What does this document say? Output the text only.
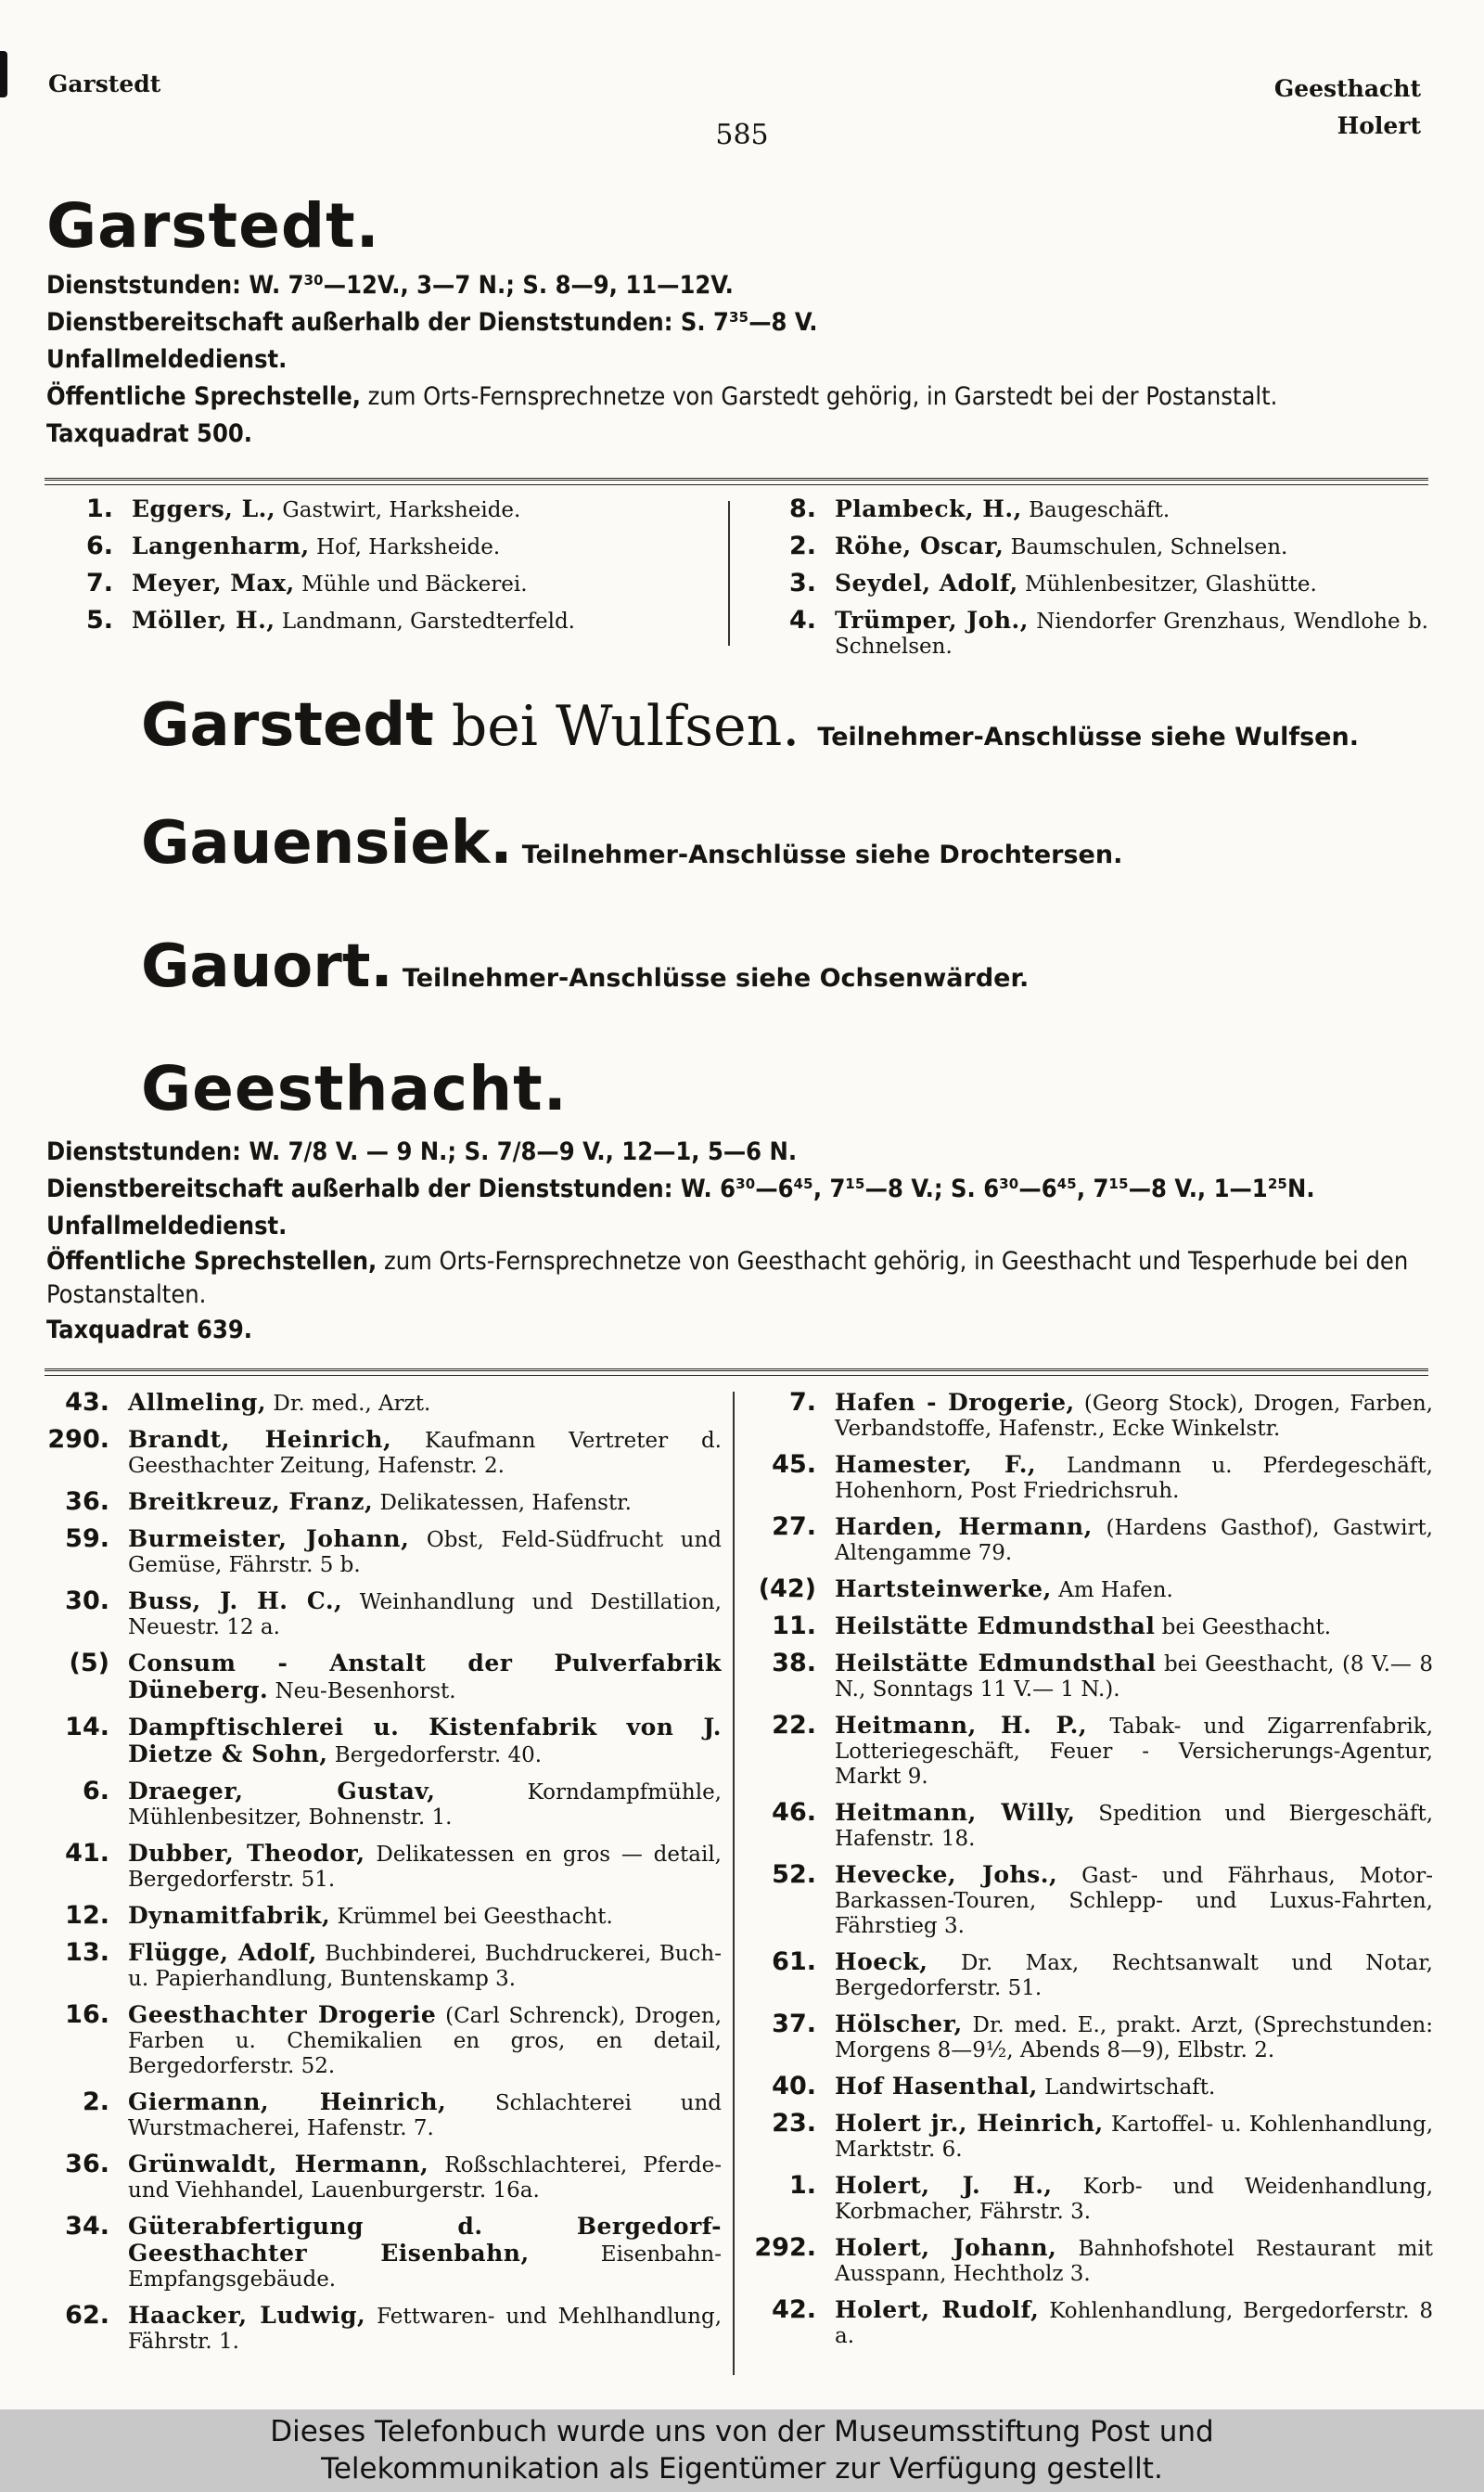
Garstedt
585
Geesthacht
Holert
Garstedt.
Dienststunden: W. 7³⁰—12V., 3—7 N.; S. 8—9, 11—12V.
Dienstbereitschaft außerhalb der Dienststunden: S. 7³⁵—8 V.
Unfallmeldedienst.
Öffentliche Sprechstelle, zum Orts-Fernsprechnetze von Garstedt gehörig, in Garstedt bei der Postanstalt.
Taxquadrat 500.
1. Eggers, L., Gastwirt, Harksheide.
6. Langenharm, Hof, Harksheide.
7. Meyer, Max, Mühle und Bäckerei.
5. Möller, H., Landmann, Garstedterfeld.
8. Plambeck, H., Baugeschäft.
2. Röhe, Oscar, Baumschulen, Schnelsen.
3. Seydel, Adolf, Mühlenbesitzer, Glashütte.
4. Trümper, Joh., Niendorfer Grenzhaus, Wendlohe b. Schnelsen.
Garstedt bei Wulfsen. Teilnehmer-Anschlüsse siehe Wulfsen.
Gauensiek. Teilnehmer-Anschlüsse siehe Drochtersen.
Gauort. Teilnehmer-Anschlüsse siehe Ochsenwärder.
Geesthacht.
Dienststunden: W. 7/8 V. — 9 N.; S. 7/8—9 V., 12—1, 5—6 N.
Dienstbereitschaft außerhalb der Dienststunden: W. 6³⁰—6⁴⁵, 7¹⁵—8 V.; S. 6³⁰—6⁴⁵, 7¹⁵—8 V., 1—1²⁵N.
Unfallmeldedienst.
Öffentliche Sprechstellen, zum Orts-Fernsprechnetze von Geesthacht gehörig, in Geesthacht und Tesperhude bei den Postanstalten.
Taxquadrat 639.
43. Allmeling, Dr. med., Arzt.
290. Brandt, Heinrich, Kaufmann Vertreter d. Geesthachter Zeitung, Hafenstr. 2.
36. Breitkreuz, Franz, Delikatessen, Hafenstr.
59. Burmeister, Johann, Obst, Feld-Südfrucht und Gemüse, Fährstr. 5 b.
30. Buss, J. H. C., Weinhandlung und Destillation, Neuestr. 12 a.
(5) Consum - Anstalt der Pulverfabrik Düneberg. Neu-Besenhorst.
14. Dampftischlerei u. Kistenfabrik von J. Dietze & Sohn, Bergedorferstr. 40.
6. Draeger, Gustav, Korndampfmühle, Mühlenbesitzer, Bohnenstr. 1.
41. Dubber, Theodor, Delikatessen en gros — detail, Bergedorferstr. 51.
12. Dynamitfabrik, Krümmel bei Geesthacht.
13. Flügge, Adolf, Buchbinderei, Buchdruckerei, Buch- u. Papierhandlung, Buntenskamp 3.
16. Geesthachter Drogerie (Carl Schrenck), Drogen, Farben u. Chemikalien en gros, en detail, Bergedorferstr. 52.
2. Giermann, Heinrich, Schlachterei und Wurstmacherei, Hafenstr. 7.
36. Grünwaldt, Hermann, Roßschlachterei, Pferde- und Viehhandel, Lauenburgerstr. 16a.
34. Güterabfertigung d. Bergedorf-Geesthachter Eisenbahn, Eisenbahn-Empfangsgebäude.
62. Haacker, Ludwig, Fettwaren- und Mehlhandlung, Fährstr. 1.
7. Hafen - Drogerie, (Georg Stock), Drogen, Farben, Verbandstoffe, Hafenstr., Ecke Winkelstr.
45. Hamester, F., Landmann u. Pferdegeschäft, Hohenhorn, Post Friedrichsruh.
27. Harden, Hermann, (Hardens Gasthof), Gastwirt, Altengamme 79.
(42) Hartsteinwerke, Am Hafen.
11. Heilstätte Edmundsthal bei Geesthacht.
38. Heilstätte Edmundsthal bei Geesthacht, (8 V.— 8 N., Sonntags 11 V.— 1 N.).
22. Heitmann, H. P., Tabak- und Zigarrenfabrik, Lotteriegeschäft, Feuer - Versicherungs-Agentur, Markt 9.
46. Heitmann, Willy, Spedition und Biergeschäft, Hafenstr. 18.
52. Hevecke, Johs., Gast- und Fährhaus, Motor-Barkassen-Touren, Schlepp- und Luxus-Fahrten, Fährstieg 3.
61. Hoeck, Dr. Max, Rechtsanwalt und Notar, Bergedorferstr. 51.
37. Hölscher, Dr. med. E., prakt. Arzt, (Sprechstunden: Morgens 8—9½, Abends 8—9), Elbstr. 2.
40. Hof Hasenthal, Landwirtschaft.
23. Holert jr., Heinrich, Kartoffel- u. Kohlenhandlung, Marktstr. 6.
1. Holert, J. H., Korb- und Weidenhandlung, Korbmacher, Fährstr. 3.
292. Holert, Johann, Bahnhofshotel Restaurant mit Ausspann, Hechtholz 3.
42. Holert, Rudolf, Kohlenhandlung, Bergedorferstr. 8 a.
Dieses Telefonbuch wurde uns von der Museumsstiftung Post und
Telekommunikation als Eigentümer zur Verfügung gestellt.
